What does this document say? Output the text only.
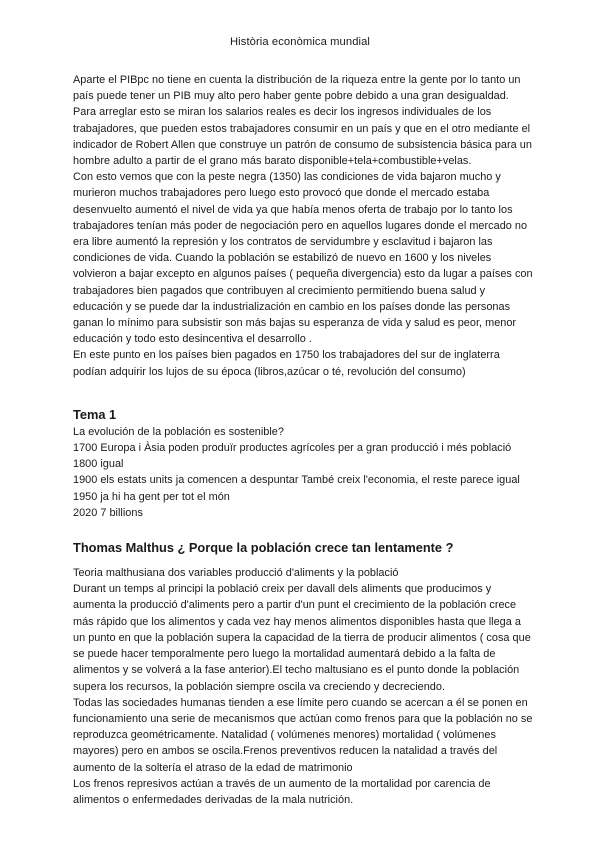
Història econòmica mundial

Aparte el PIBpc no tiene en cuenta la distribución de la riqueza entre la gente por lo tanto un país puede tener un PIB muy alto pero haber gente pobre debido a una gran desigualdad.

Para arreglar esto se miran los salarios reales es decir los ingresos individuales de los trabajadores, que pueden estos trabajadores consumir en un país y que en el otro mediante el indicador de Robert Allen que construye un patrón de consumo de subsistencia básica para un hombre adulto a partir de el grano más barato disponible+tela+combustible+velas.

Con esto vemos que con la peste negra (1350) las condiciones de vida bajaron mucho y murieron muchos trabajadores pero luego esto provocó que donde el mercado estaba desenvuelto aumentó el nivel de vida ya que había menos oferta de trabajo por lo tanto los trabajadores tenían más poder de negociación pero en aquellos lugares donde el mercado no era libre aumentó la represión y los contratos de servidumbre y esclavitud i bajaron las condiciones de vida. Cuando la población se estabilizó de nuevo en 1600 y los niveles volvieron a bajar excepto en algunos países ( pequeña divergencia) esto da lugar a países con trabajadores bien pagados que contribuyen al crecimiento permitiendo buena salud y educación y se puede dar la industrialización en cambio en los países donde las personas ganan lo mínimo para subsistir son más bajas su esperanza de vida y salud es peor, menor educación y todo esto desincentiva el desarrollo .

En este punto en los países bien pagados en 1750 los trabajadores del sur de inglaterra podían adquirir los lujos de su época (libros,azúcar o té, revolución del consumo)

Tema 1

La evolución de la población es sostenible?

1700 Europa i Àsia poden produïr productes agrícoles per a gran producció i més població 1800 igual

1900 els estats units ja comencen a despuntar També creix l'economia, el reste parece igual 1950 ja hi ha gent per tot el món

2020 7 billions

Thomas Malthus ¿ Porque la población crece tan lentamente ?

Teoria malthusiana dos variables producció d'aliments y la població

Durant un temps al principi la població creix per davall dels aliments que producimos y aumenta la producció d'aliments pero a partir d'un punt el crecimiento de la población crece más rápido que los alimentos y cada vez hay menos alimentos disponibles hasta que llega a un punto en que la población supera la capacidad de la tierra de producir alimentos ( cosa que se puede hacer temporalmente pero luego la mortalidad aumentará debido a la falta de alimentos y se volverá a la fase anterior).El techo maltusiano es el punto donde la población supera los recursos, la población siempre oscila va creciendo y decreciendo.

Todas las sociedades humanas tienden a ese límite pero cuando se acercan a él se ponen en funcionamiento una serie de mecanismos que actúan como frenos para que la población no se reproduzca geométricamente. Natalidad ( volúmenes menores) mortalidad ( volúmenes mayores) pero en ambos se oscila.Frenos preventivos reducen la natalidad a través del aumento de la soltería el atraso de la edad de matrimonio

Los frenos represivos actúan a través de un aumento de la mortalidad por carencia de alimentos o enfermedades derivadas de la mala nutrición.
